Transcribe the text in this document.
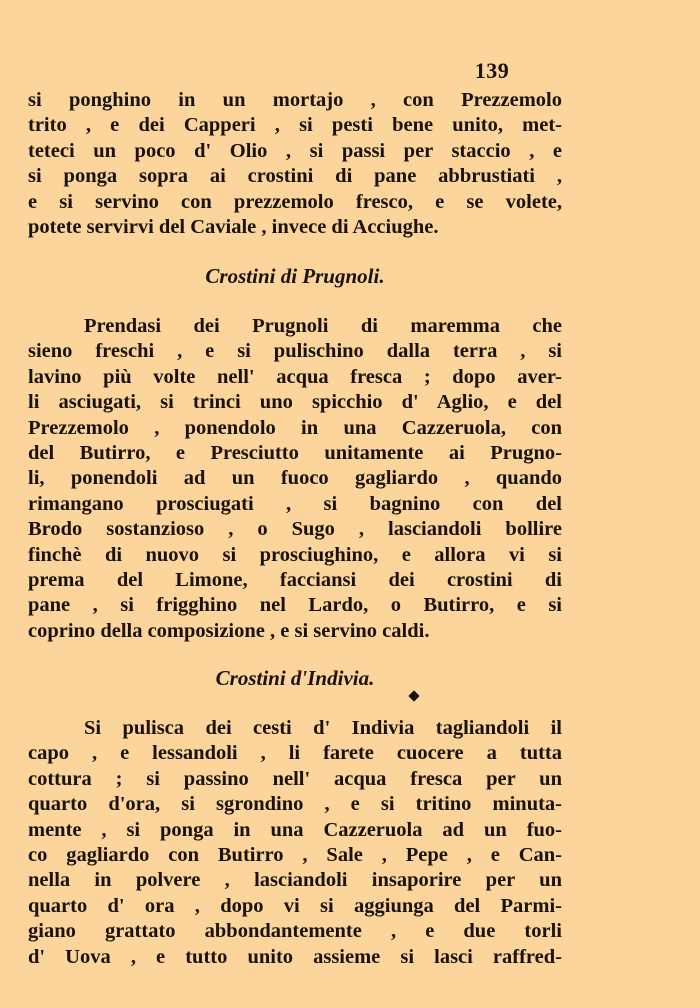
139
si ponghino in un mortajo , con Prezzemolo
trito , e dei Capperi , si pesti bene unito, met-
teteci un poco d' Olio , si passi per staccio , e
si ponga sopra ai crostini di pane abbrustiati ,
e si servino con prezzemolo fresco, e se volete,
potete servirvi del Caviale , invece di Acciughe.
Crostini di Prugnoli.
Prendasi dei Prugnoli di maremma che
sieno freschi , e si pulischino dalla terra , si
lavino più volte nell' acqua fresca ; dopo aver-
li asciugati, si trinci uno spicchio d' Aglio, e del
Prezzemolo , ponendolo in una Cazzeruola, con
del Butirro, e Presciutto unitamente ai Prugno-
li, ponendoli ad un fuoco gagliardo , quando
rimangano prosciugati , si bagnino con del
Brodo sostanzioso , o Sugo , lasciandoli bollire
finchè di nuovo si prosciughino, e allora vi si
prema del Limone, facciansi dei crostini di
pane , si frigghino nel Lardo, o Butirro, e si
coprino della composizione , e si servino caldi.
Crostini d'Indivia.
Si pulisca dei cesti d' Indivia tagliandoli il
capo , e lessandoli , li farete cuocere a tutta
cottura ; si passino nell' acqua fresca per un
quarto d'ora, si sgrondino , e si tritino minuta-
mente , si ponga in una Cazzeruola ad un fuo-
co gagliardo con Butirro , Sale , Pepe , e Can-
nella in polvere , lasciandoli insaporire per un
quarto d' ora , dopo vi si aggiunga del Parmi-
giano grattato abbondantemente , e due torli
d' Uova , e tutto unito assieme si lasci raffred-
